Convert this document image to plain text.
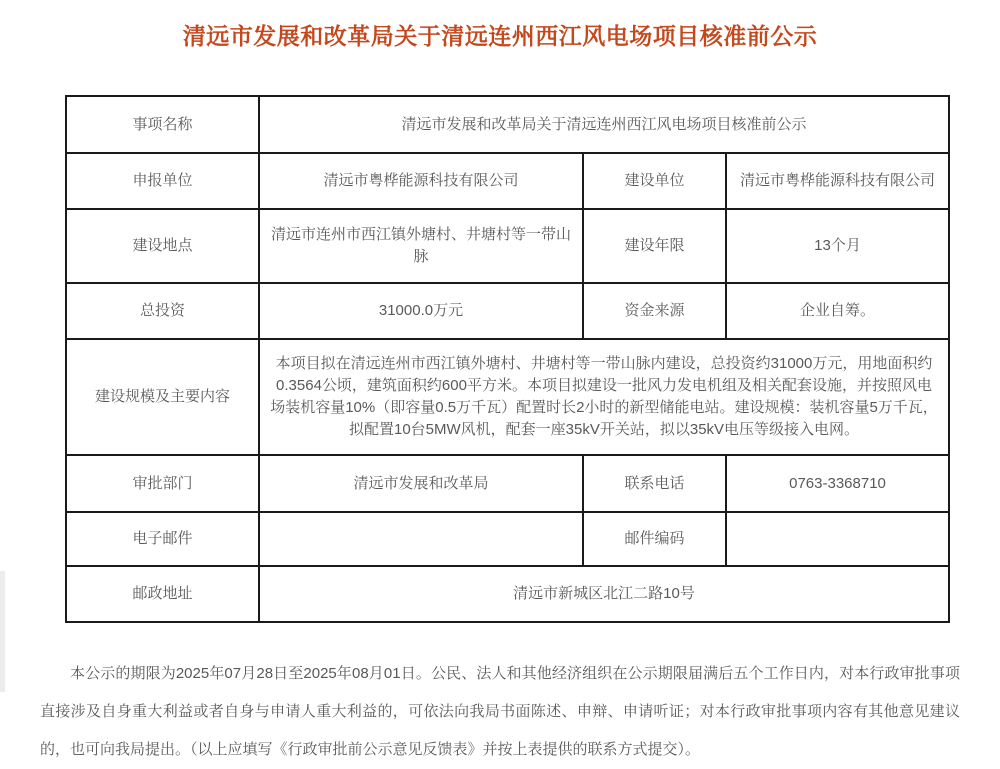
清远市发展和改革局关于清远连州西江风电场项目核准前公示
事项名称	清远市发展和改革局关于清远连州西江风电场项目核准前公示		
申报单位	清远市粤桦能源科技有限公司	建设单位	清远市粤桦能源科技有限公司
建设地点	清远市连州市西江镇外塘村、井塘村等一带山脉	建设年限	13个月
总投资	31000.0万元	资金来源	企业自筹。
建设规模及主要内容	本项目拟在清远连州市西江镇外塘村、井塘村等一带山脉内建设，总投资约31000万元，用地面积约0.3564公顷，建筑面积约600平方米。本项目拟建设一批风力发电机组及相关配套设施，并按照风电场装机容量10%（即容量0.5万千瓦）配置时长2小时的新型储能电站。建设规模：装机容量5万千瓦，拟配置10台5MW风机，配套一座35kV开关站，拟以35kV电压等级接入电网。		
审批部门	清远市发展和改革局	联系电话	0763-3368710
电子邮件		邮件编码	
邮政地址	清远市新城区北江二路10号		

本公示的期限为2025年07月28日至2025年08月01日。公民、法人和其他经济组织在公示期限届满后五个工作日内，对本行政审批事项直接涉及自身重大利益或者自身与申请人重大利益的，可依法向我局书面陈述、申辩、申请听证；对本行政审批事项内容有其他意见建议的，也可向我局提出。（以上应填写《行政审批前公示意见反馈表》并按上表提供的联系方式提交）。
